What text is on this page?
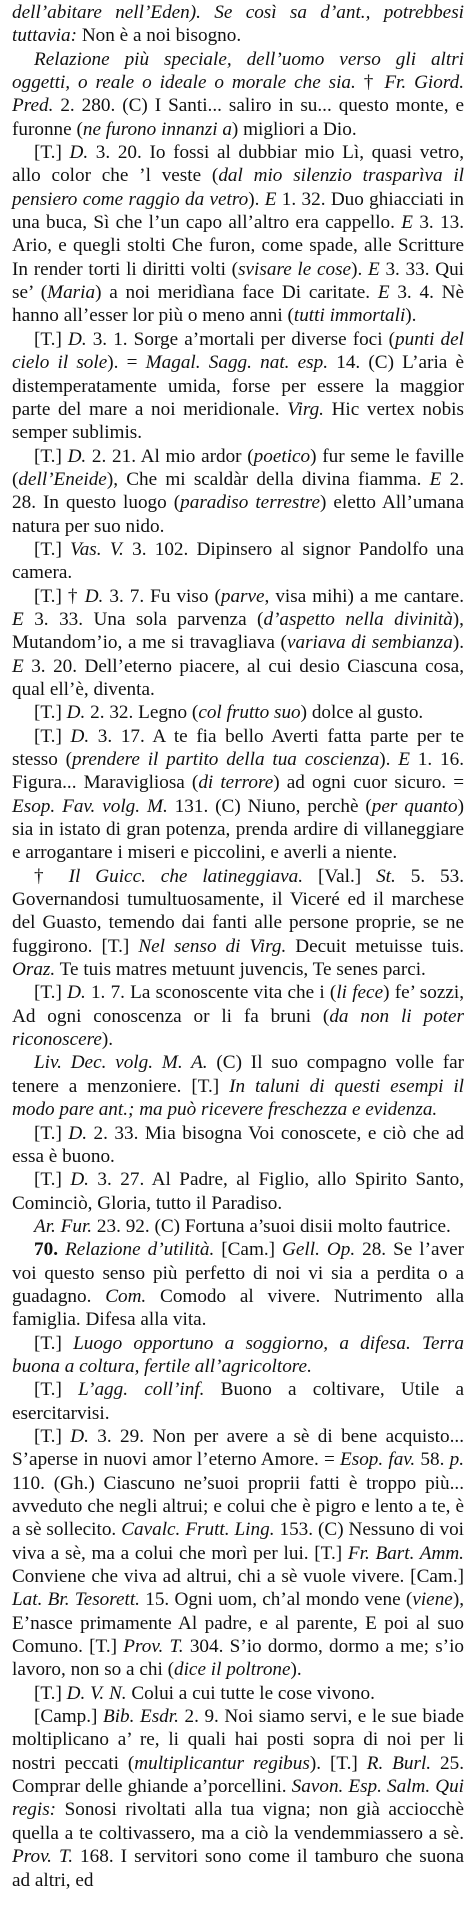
dell’abitare nell’Eden). Se così sa d’ant., potrebbesi tuttavia: Non è a noi bisogno.

Relazione più speciale, dell’uomo verso gli altri oggetti, o reale o ideale o morale che sia. † Fr. Giord. Pred. 2. 280. (C) I Santi... saliro in su... questo monte, e furonne (ne furono innanzi a) migliori a Dio.

[T.] D. 3. 20. Io fossi al dubbiar mio Lì, quasi vetro, allo color che ’l veste (dal mio silenzio trasparìva il pensiero come raggio da vetro). E 1. 32. Duo ghiacciati in una buca, Sì che l’un capo all’altro era cappello. E 3. 13. Ario, e quegli stolti Che furon, come spade, alle Scritture In render torti li diritti volti (svisare le cose). E 3. 33. Qui se’ (Maria) a noi meridìana face Di caritate. E 3. 4. Nè hanno all’esser lor più o meno anni (tutti immortali).

[T.] D. 3. 1. Sorge a’mortali per diverse foci (punti del cielo il sole). = Magal. Sagg. nat. esp. 14. (C) L’aria è distemperatamente umida, forse per essere la maggior parte del mare a noi meridionale. Virg. Hic vertex nobis semper sublimis.

[T.] D. 2. 21. Al mio ardor (poetico) fur seme le faville (dell’Eneide), Che mi scaldàr della divina fiamma. E 2. 28. In questo luogo (paradiso terrestre) eletto All’umana natura per suo nido.

[T.] Vas. V. 3. 102. Dipinsero al signor Pandolfo una camera.

[T.] † D. 3. 7. Fu viso (parve, visa mihi) a me cantare. E 3. 33. Una sola parvenza (d’aspetto nella divinità), Mutandom’io, a me si travagliava (variava di sembianza). E 3. 20. Dell’eterno piacere, al cui desio Ciascuna cosa, qual ell’è, diventa.

[T.] D. 2. 32. Legno (col frutto suo) dolce al gusto.

[T.] D. 3. 17. A te fia bello Averti fatta parte per te stesso (prendere il partito della tua coscienza). E 1. 16. Figura... Maravigliosa (di terrore) ad ogni cuor sicuro. = Esop. Fav. volg. M. 131. (C) Niuno, perchè (per quanto) sia in istato di gran potenza, prenda ardire di villaneggiare e arrogantare i miseri e piccolini, e averli a niente.

† Il Guicc. che latineggiava. [Val.] St. 5. 53. Governandosi tumultuosamente, il Viceré ed il marchese del Guasto, temendo dai fanti alle persone proprie, se ne fuggirono. [T.] Nel senso di Virg. Decuit metuisse tuis. Oraz. Te tuis matres metuunt juvencis, Te senes parci.

[T.] D. 1. 7. La sconoscente vita che i (li fece) fe’ sozzi, Ad ogni conoscenza or li fa bruni (da non li poter riconoscere).

Liv. Dec. volg. M. A. (C) Il suo compagno volle far tenere a menzoniere. [T.] In taluni di questi esempi il modo pare ant.; ma può ricevere freschezza e evidenza.

[T.] D. 2. 33. Mia bisogna Voi conoscete, e ciò che ad essa è buono.

[T.] D. 3. 27. Al Padre, al Figlio, allo Spirito Santo, Cominciò, Gloria, tutto il Paradiso.

Ar. Fur. 23. 92. (C) Fortuna a’suoi disii molto fautrice.

70. Relazione d’utilità. [Cam.] Gell. Op. 28. Se l’aver voi questo senso più perfetto di noi vi sia a perdita o a guadagno. Com. Comodo al vivere. Nutrimento alla famiglia. Difesa alla vita.

[T.] Luogo opportuno a soggiorno, a difesa. Terra buona a coltura, fertile all’agricoltore.

[T.] L’agg. coll’inf. Buono a coltivare, Utile a esercitarvisi.

[T.] D. 3. 29. Non per avere a sè di bene acquisto... S’aperse in nuovi amor l’eterno Amore. = Esop. fav. 58. p. 110. (Gh.) Ciascuno ne’suoi proprii fatti è troppo più... avveduto che negli altrui; e colui che è pigro e lento a te, è a sè sollecito. Cavalc. Frutt. Ling. 153. (C) Nessuno di voi viva a sè, ma a colui che morì per lui. [T.] Fr. Bart. Amm. Conviene che viva ad altrui, chi a sè vuole vivere. [Cam.] Lat. Br. Tesorett. 15. Ogni uom, ch’al mondo vene (viene), E’nasce primamente Al padre, e al parente, E poi al suo Comuno. [T.] Prov. T. 304. S’io dormo, dormo a me; s’io lavoro, non so a chi (dice il poltrone).

[T.] D. V. N. Colui a cui tutte le cose vivono.

[Camp.] Bib. Esdr. 2. 9. Noi siamo servi, e le sue biade moltiplicano a’ re, li quali hai posti sopra di noi per li nostri peccati (multiplicantur regibus). [T.] R. Burl. 25. Comprar delle ghiande a’porcellini. Savon. Esp. Salm. Qui regis: Sonosi rivoltati alla tua vigna; non già acciocchè quella a te coltivassero, ma a ciò la vendemmiassero a sè. Prov. T. 168. I servitori sono come il tamburo che suona ad altri, ed
